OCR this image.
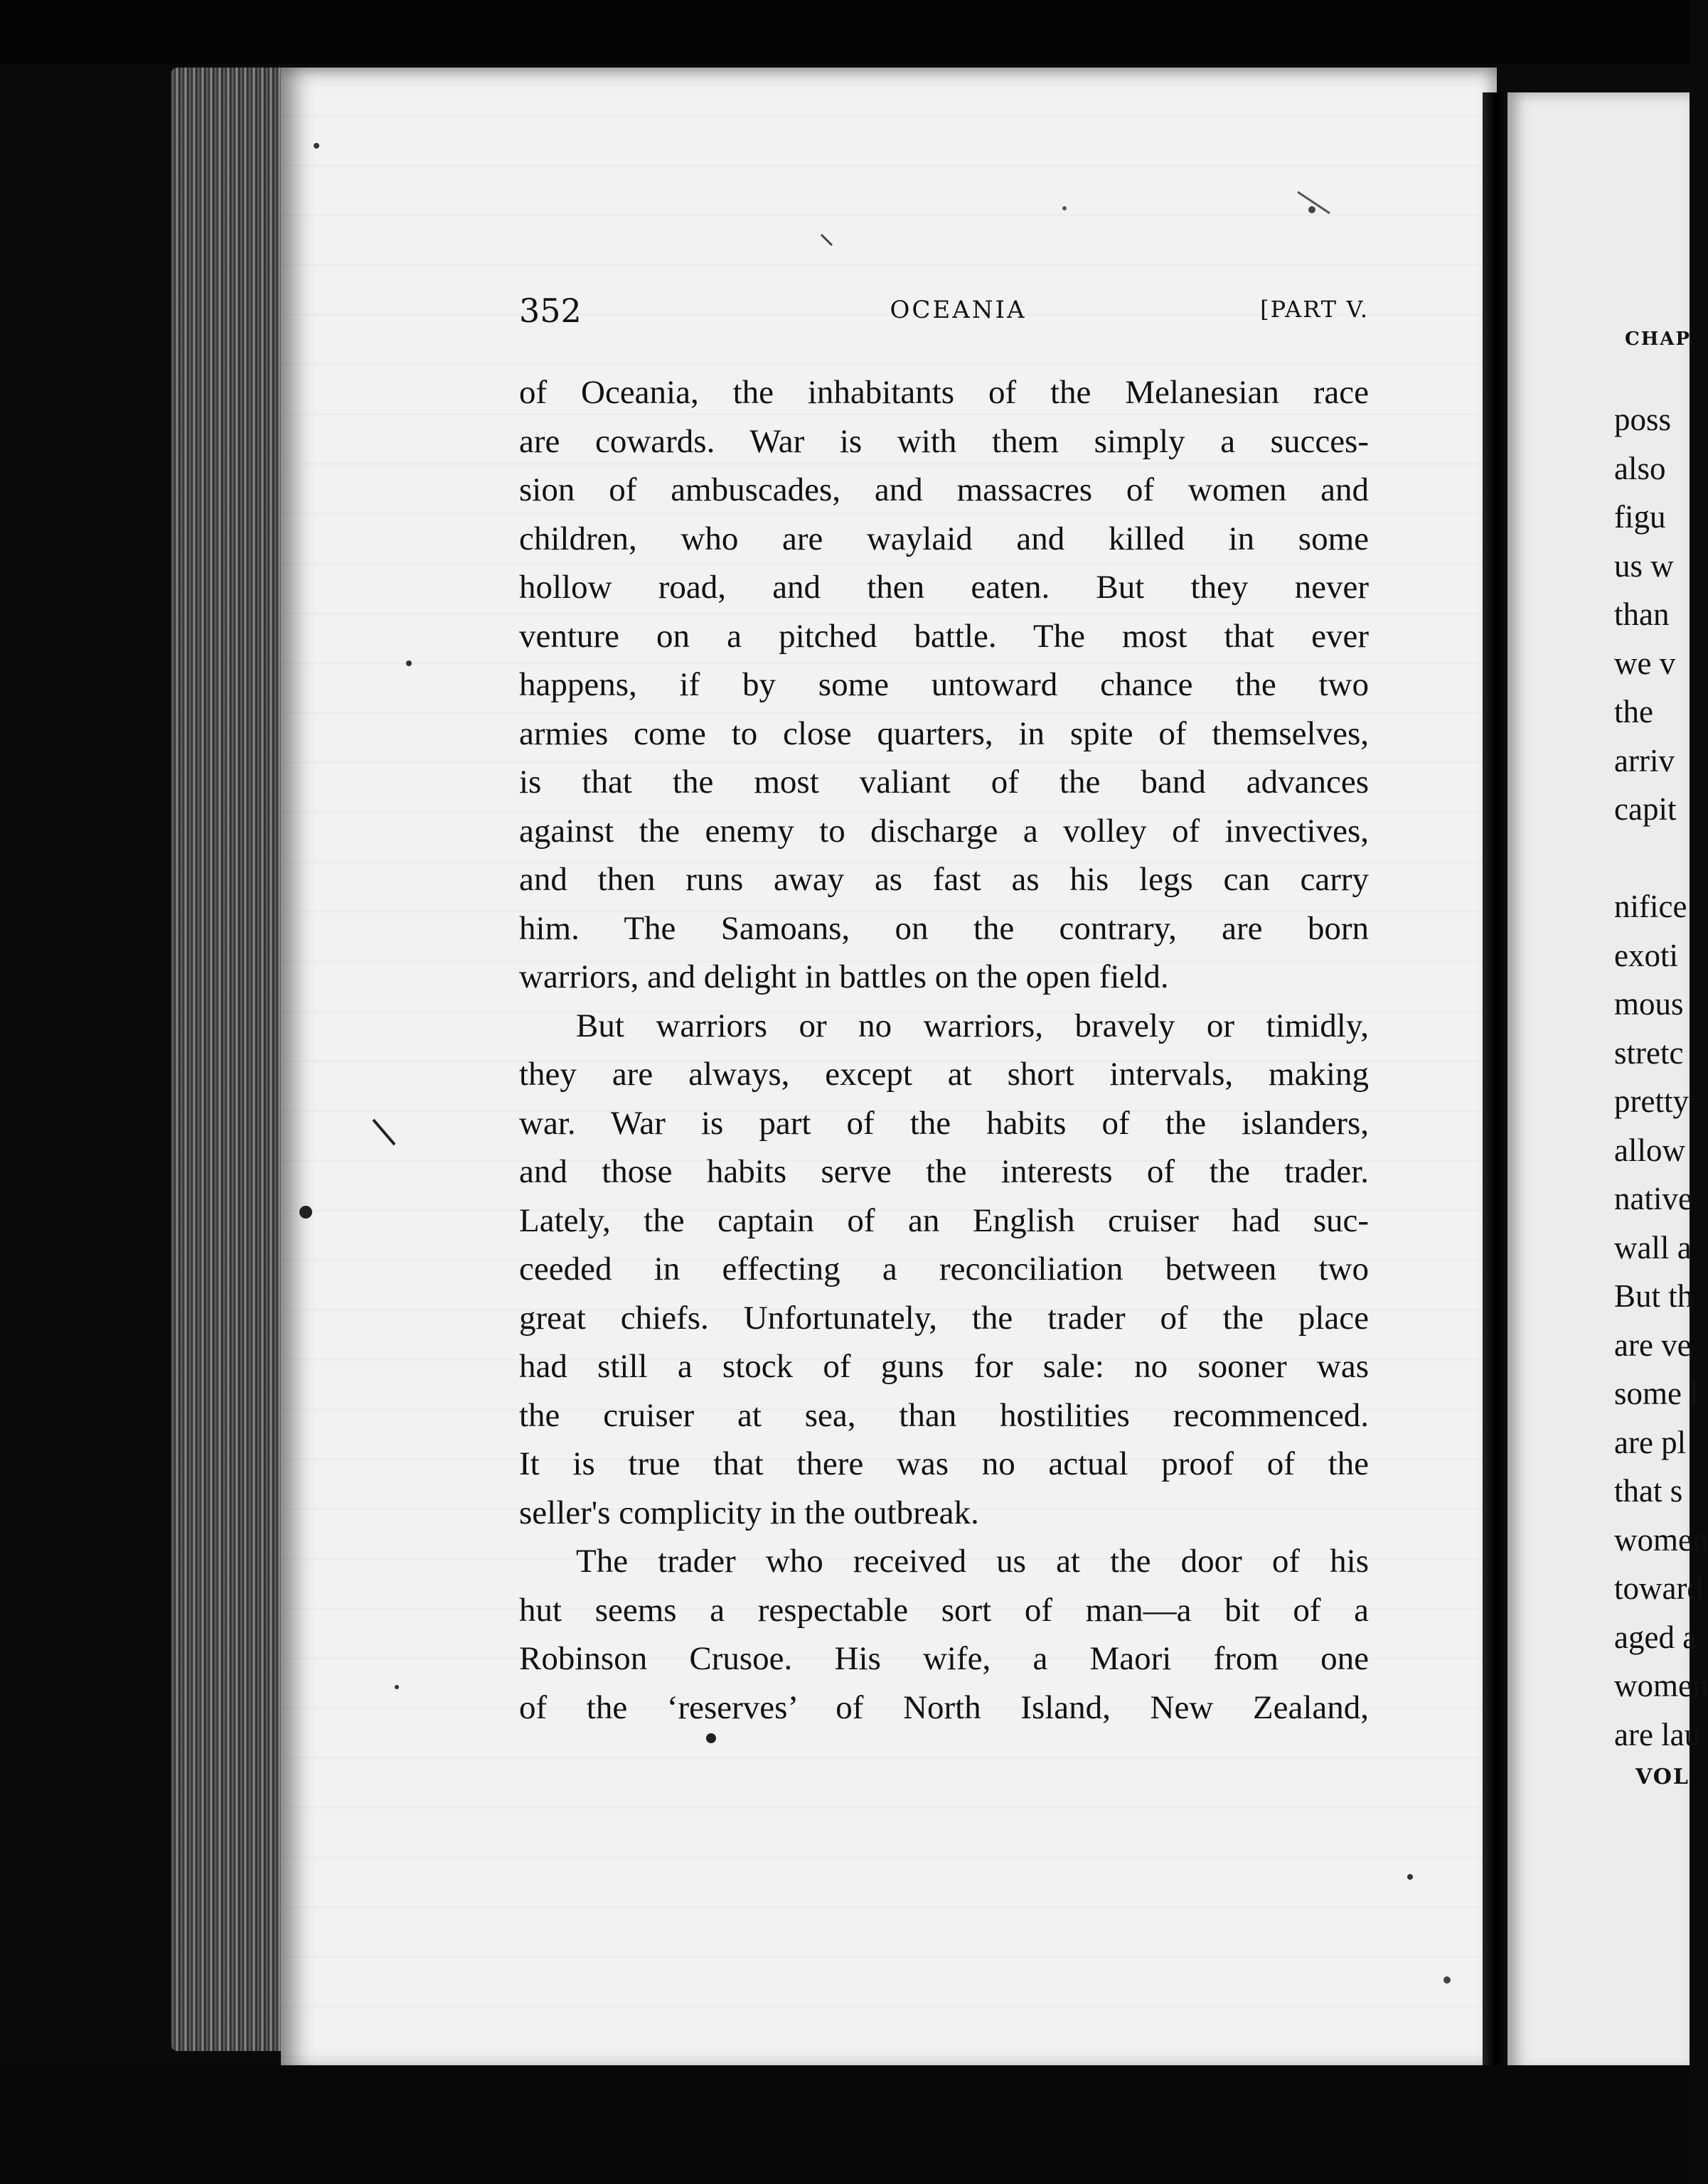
352	OCEANIA	[PART V.
of Oceania, the inhabitants of the Melanesian race
are cowards. War is with them simply a succes-
sion of ambuscades, and massacres of women and
children, who are waylaid and killed in some
hollow road, and then eaten. But they never
venture on a pitched battle. The most that ever
happens, if by some untoward chance the two
armies come to close quarters, in spite of themselves,
is that the most valiant of the band advances
against the enemy to discharge a volley of invectives,
and then runs away as fast as his legs can carry
him. The Samoans, on the contrary, are born
warriors, and delight in battles on the open field.
But warriors or no warriors, bravely or timidly,
they are always, except at short intervals, making
war. War is part of the habits of the islanders,
and those habits serve the interests of the trader.
Lately, the captain of an English cruiser had suc-
ceeded in effecting a reconciliation between two
great chiefs. Unfortunately, the trader of the place
had still a stock of guns for sale: no sooner was
the cruiser at sea, than hostilities recommenced.
It is true that there was no actual proof of the
seller's complicity in the outbreak.
The trader who received us at the door of his
hut seems a respectable sort of man—a bit of a
Robinson Crusoe. His wife, a Maori from one
of the ‘reserves’ of North Island, New Zealand,
CHAP.
poss
also
figu
us w
than
we v
the
arriv
capit
nifice
exoti
mous
stretc
pretty
allow
native
wall a
But th
are ve
some l
are pl
that s
women
toward
aged a
women
are lau
VOL
